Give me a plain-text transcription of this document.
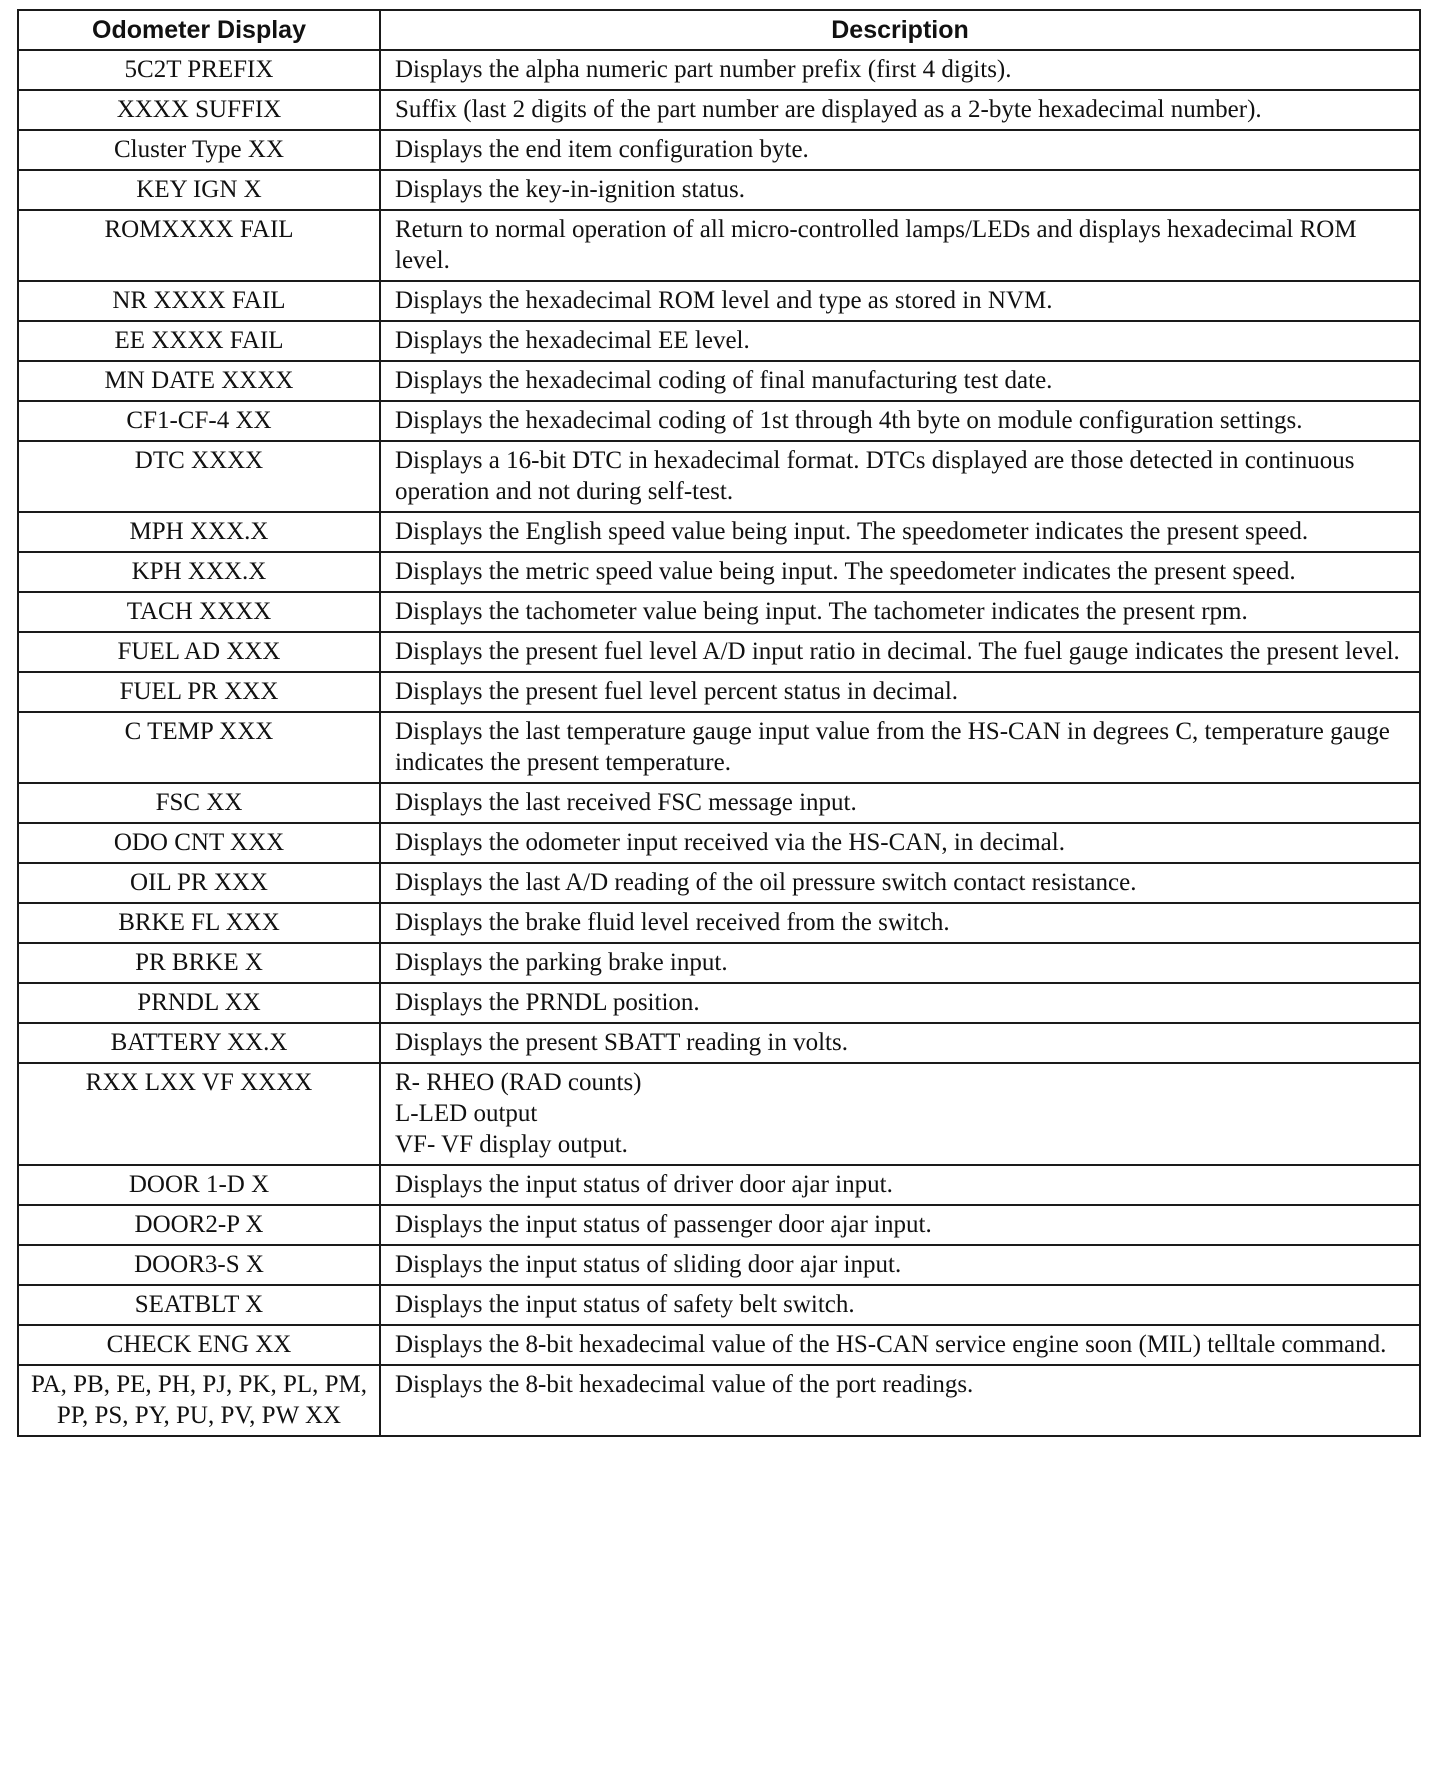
Odometer Display	Description
5C2T PREFIX	Displays the alpha numeric part number prefix (first 4 digits).
XXXX SUFFIX	Suffix (last 2 digits of the part number are displayed as a 2-byte hexadecimal number).
Cluster Type XX	Displays the end item configuration byte.
KEY IGN X	Displays the key-in-ignition status.
ROMXXXX FAIL	Return to normal operation of all micro-controlled lamps/LEDs and displays hexadecimal ROM level.
NR XXXX FAIL	Displays the hexadecimal ROM level and type as stored in NVM.
EE XXXX FAIL	Displays the hexadecimal EE level.
MN DATE XXXX	Displays the hexadecimal coding of final manufacturing test date.
CF1-CF-4 XX	Displays the hexadecimal coding of 1st through 4th byte on module configuration settings.
DTC XXXX	Displays a 16-bit DTC in hexadecimal format. DTCs displayed are those detected in continuous operation and not during self-test.
MPH XXX.X	Displays the English speed value being input. The speedometer indicates the present speed.
KPH XXX.X	Displays the metric speed value being input. The speedometer indicates the present speed.
TACH XXXX	Displays the tachometer value being input. The tachometer indicates the present rpm.
FUEL AD XXX	Displays the present fuel level A/D input ratio in decimal. The fuel gauge indicates the present level.
FUEL PR XXX	Displays the present fuel level percent status in decimal.
C TEMP XXX	Displays the last temperature gauge input value from the HS-CAN in degrees C, temperature gauge indicates the present temperature.
FSC XX	Displays the last received FSC message input.
ODO CNT XXX	Displays the odometer input received via the HS-CAN, in decimal.
OIL PR XXX	Displays the last A/D reading of the oil pressure switch contact resistance.
BRKE FL XXX	Displays the brake fluid level received from the switch.
PR BRKE X	Displays the parking brake input.
PRNDL XX	Displays the PRNDL position.
BATTERY XX.X	Displays the present SBATT reading in volts.
RXX LXX VF XXXX	R- RHEO (RAD counts)
L-LED output
VF- VF display output.
DOOR 1-D X	Displays the input status of driver door ajar input.
DOOR2-P X	Displays the input status of passenger door ajar input.
DOOR3-S X	Displays the input status of sliding door ajar input.
SEATBLT X	Displays the input status of safety belt switch.
CHECK ENG XX	Displays the 8-bit hexadecimal value of the HS-CAN service engine soon (MIL) telltale command.
PA, PB, PE, PH, PJ, PK, PL, PM, PP, PS, PY, PU, PV, PW XX	Displays the 8-bit hexadecimal value of the port readings.
